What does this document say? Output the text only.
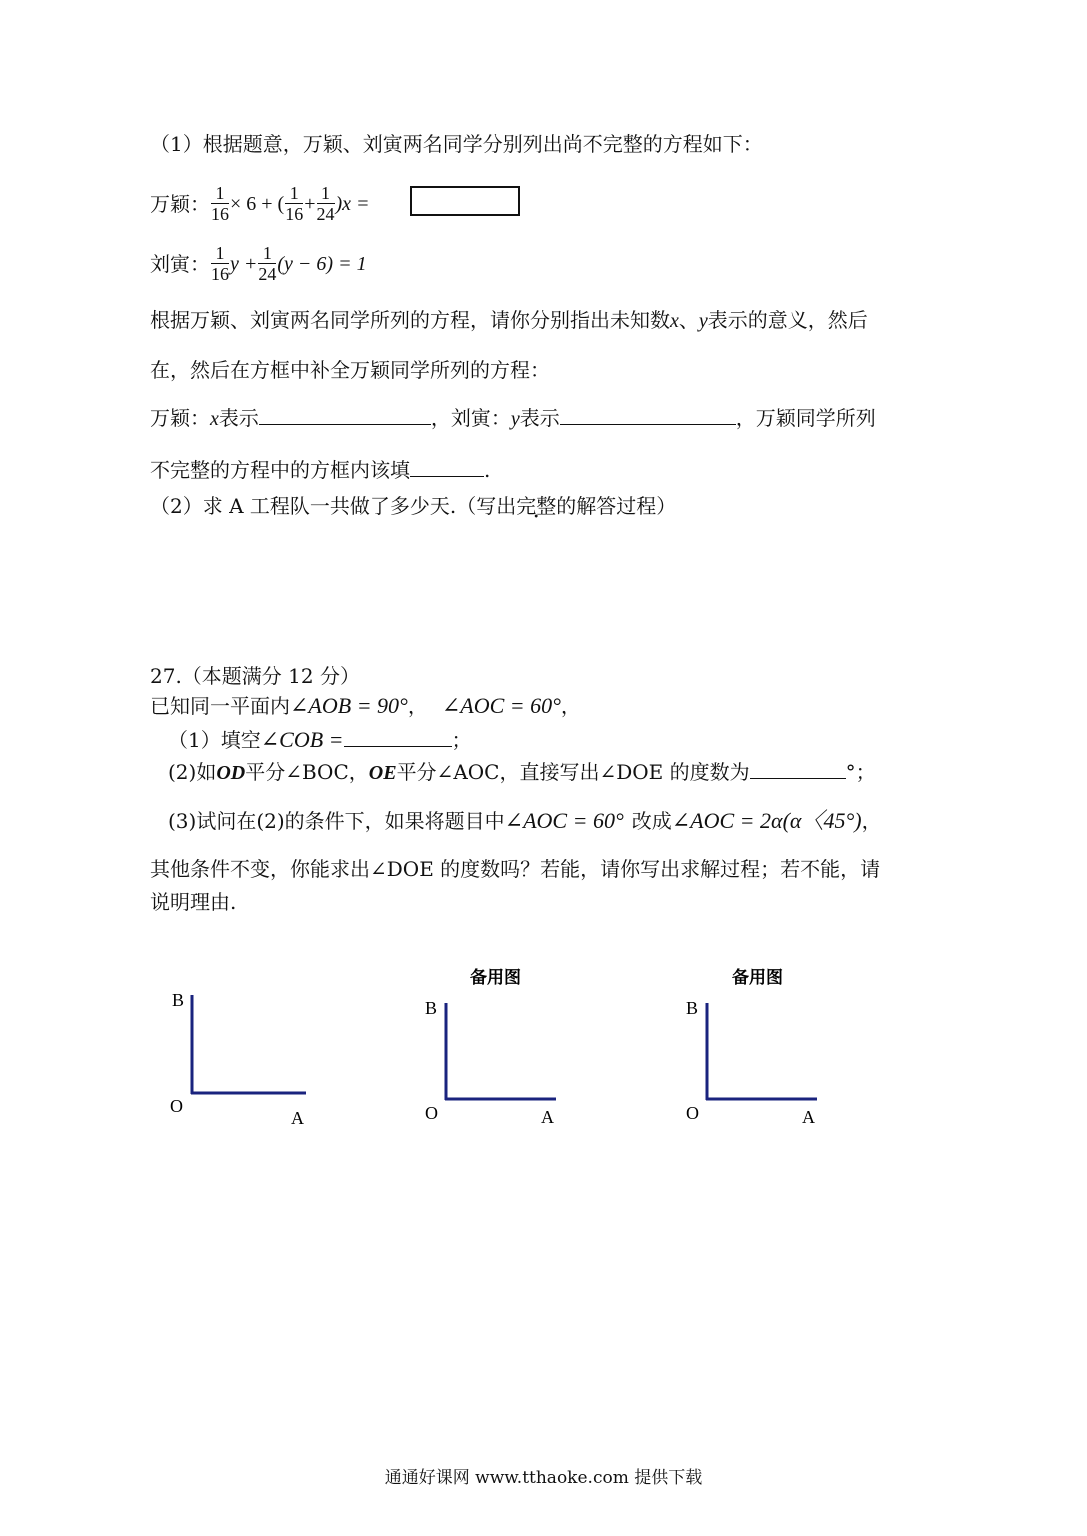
（1）根据题意，万颖、刘寅两名同学分别列出尚不完整的方程如下：
万颖： $\frac{1}{16} \times 6$ + ( $\frac{1}{16} + \frac{1}{24} )x$ =
刘寅： $\frac{1}{16}$ $y + \frac{1}{24} (y - 6) = 1$
根据万颖、刘寅两名同学所列的方程，请你分别指出未知数x、y表示的意义，然后
在，然后在方框中补全万颖同学所列的方程：
万颖：x表示	，刘寅：y表示	，万颖同学所列
不完整的方程中的方框内该填	.
（2）求 A 工程队一共做了多少天.（写出完整的解答过程）
27.（本题满分 12 分）
已知同一平面内∠AOB = 90°， ∠AOC = 60°，
（1）填空∠COB =	；
(2)如OD平分∠BOC，OE平分∠AOC，直接写出∠DOE 的度数为	°；
(3)试问在(2)的条件下，如果将题目中∠AOC = 60° 改成∠AOC = 2α(α〈45°)，
其他条件不变，你能求出∠DOE 的度数吗？若能，请你写出求解过程；若不能，请
说明理由.
B
O
A
备用图
B
O	A
备用图
B
O	A
通通好课网 www.tthaoke.com 提供下载
